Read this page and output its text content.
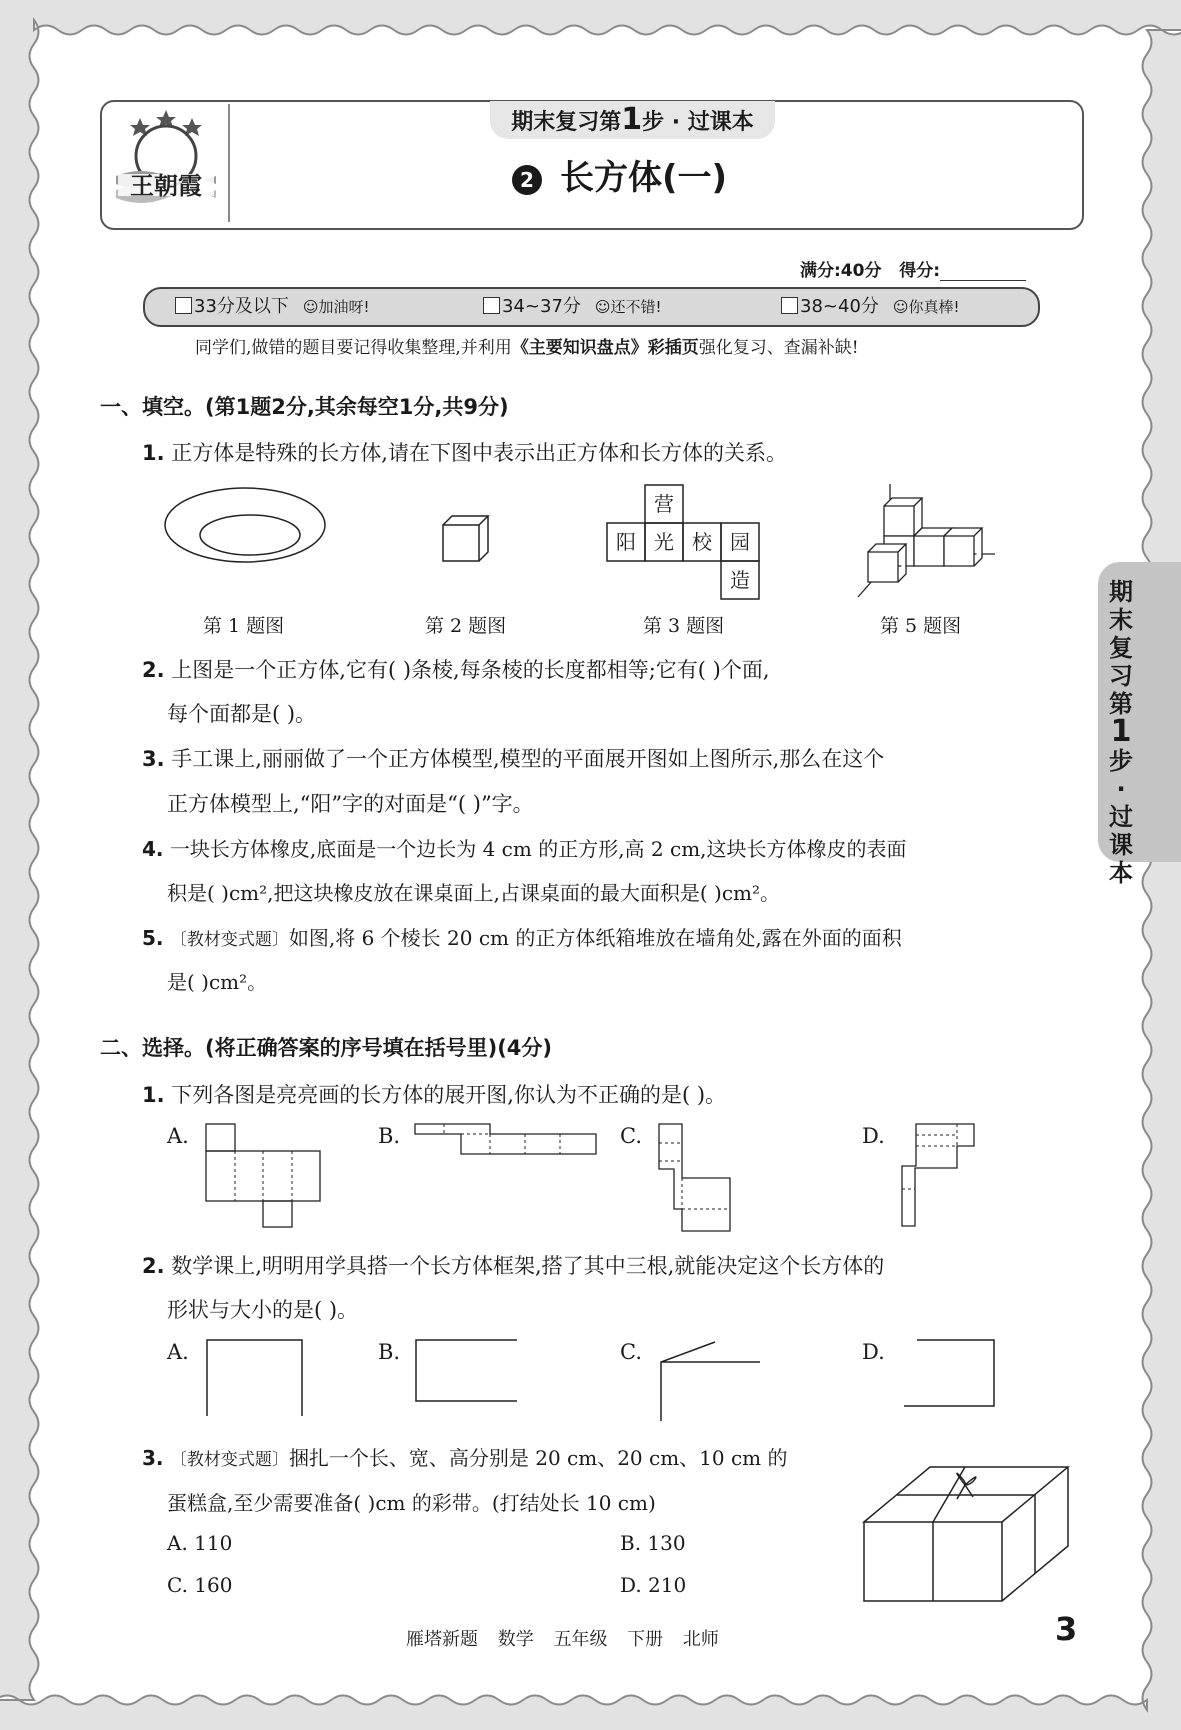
王朝霞
期末复习第1步 · 过课本
2 长方体(一)
满分:40分 得分:
33分及以下 ☺加油呀!	34~37分 ☺还不错!	38~40分 ☺你真棒!
同学们,做错的题目要记得收集整理,并利用《主要知识盘点》彩插页强化复习、查漏补缺!
一、填空。(第1题2分,其余每空1分,共9分)
1. 正方体是特殊的长方体,请在下图中表示出正方体和长方体的关系。
营
阳 光 校 园
造
第 1 题图	第 2 题图	第 3 题图	第 5 题图
2. 上图是一个正方体,它有( )条棱,每条棱的长度都相等;它有( )个面,
每个面都是( )。
3. 手工课上,丽丽做了一个正方体模型,模型的平面展开图如上图所示,那么在这个
正方体模型上,“阳”字的对面是“( )”字。
4. 一块长方体橡皮,底面是一个边长为 4 cm 的正方形,高 2 cm,这块长方体橡皮的表面
积是( )cm²,把这块橡皮放在课桌面上,占课桌面的最大面积是( )cm²。
5. 〔教材变式题〕如图,将 6 个棱长 20 cm 的正方体纸箱堆放在墙角处,露在外面的面积
是( )cm²。
二、选择。(将正确答案的序号填在括号里)(4分)
1. 下列各图是亮亮画的长方体的展开图,你认为不正确的是( )。
A.	B.	C.	D.
2. 数学课上,明明用学具搭一个长方体框架,搭了其中三根,就能决定这个长方体的
形状与大小的是( )。
A.	B.	C.	D.
3. 〔教材变式题〕捆扎一个长、宽、高分别是 20 cm、20 cm、10 cm 的
蛋糕盒,至少需要准备( )cm 的彩带。(打结处长 10 cm)
A. 110	B. 130
C. 160	D. 210
期末复习第1步·过课本
雁塔新题 数学 五年级 下册 北师	3
